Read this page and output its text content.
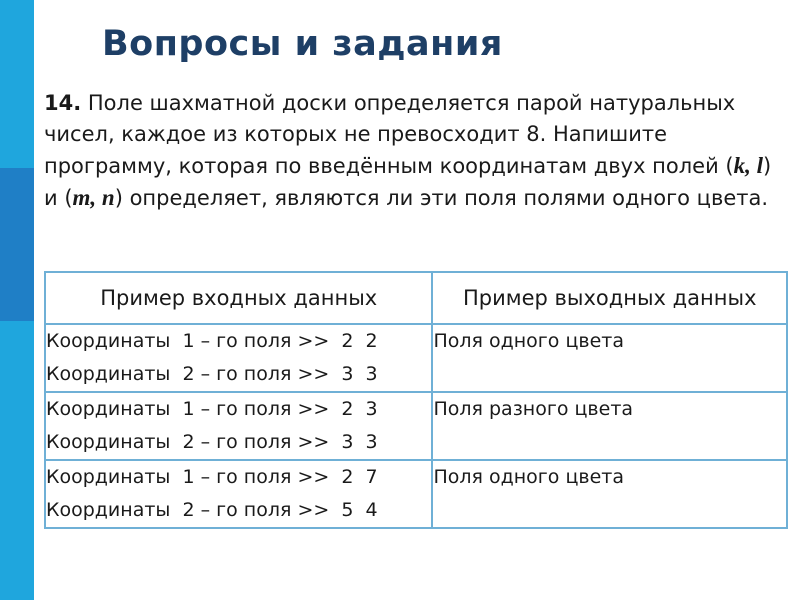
Вопросы и задания
14. Поле шахматной доски определяется парой натуральных чисел, каждое из которых не превосходит 8. Напишите программу, которая по введённым координатам двух полей (k, l) и (m, n) определяет, являются ли эти поля полями одного цвета.
Пример входных данных	Пример выходных данных

Координаты  1 – го поля >>  2  2
Координаты  2 – го поля >>  3  3	Поля одного цвета

Координаты  1 – го поля >>  2  3
Координаты  2 – го поля >>  3  3	Поля разного цвета

Координаты  1 – го поля >>  2  7
Координаты  2 – го поля >>  5  4	Поля одного цвета
